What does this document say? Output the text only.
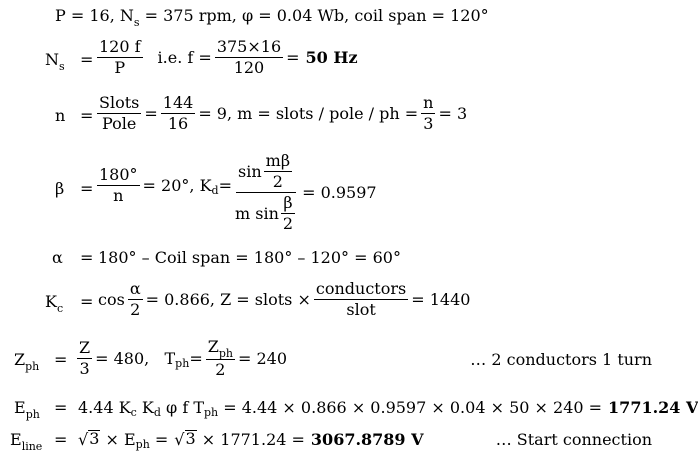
P = 16, $N_s = 375$ rpm, φ = 0.04 Wb, coil span = 120°
$N_s = \frac{120 f}{P} i.e$. $f = \frac{375\times 16}{120} = 50$ Hz
$n = \frac{\text{Slots}}{\text{Pole}} = \frac{144}{16} = 9$, m = slots / pole / ph = $\frac{n}{3} = 3$
$\beta = \frac{180^\circ}{n} = 20^\circ$, K $d = \frac{\sin \frac{m\beta}{2}}{m \sin \frac{\beta}{2}} = 0.9597$
α = 180° – Coil span = 180° – 120° = 60°
$K_c = \cos \frac{\alpha}{2} = 0.866$, Z = slots × $\frac{\text{conductors}}{\text{slot}} = 1440$
$Z_{ph} = \frac{Z}{3} = 480$,   T ph = $\frac{Z_{ph}}{2} = 240$	… 2 conductors 1 turn
$E_{ph} = 4.44$ K c K d φ f T ph = 4.44 × 0.866 × 0.9597 × 0.04 × 50 × 240 = 1771.24 V
$E_{line}$ = √ 3 × E ph = √ 3 × 1771.24 = 3067.8789 V	… Start connection
